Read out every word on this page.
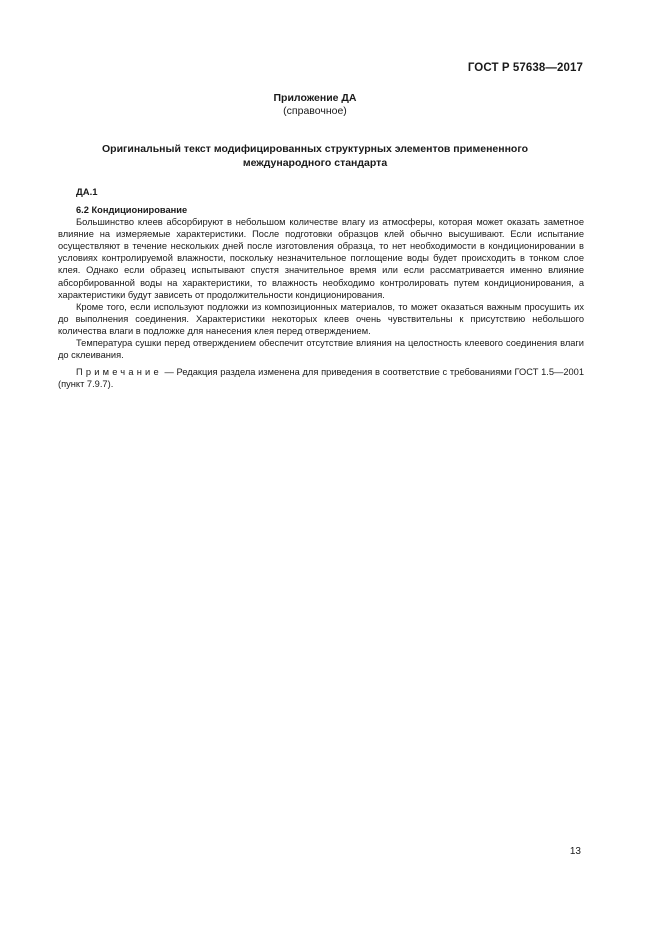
ГОСТ Р 57638—2017
Приложение ДА
(справочное)
Оригинальный текст модифицированных структурных элементов примененного
международного стандарта
ДА.1

6.2 Кондиционирование

Большинство клеев абсорбируют в небольшом количестве влагу из атмосферы, которая может оказать заметное влияние на измеряемые характеристики. После подготовки образцов клей обычно высушивают. Если испытание осуществляют в течение нескольких дней после изготовления образца, то нет необходимости в кондиционировании в условиях контролируемой влажности, поскольку незначительное поглощение воды будет происходить в тонком слое клея. Однако если образец испытывают спустя значительное время или если рассматривается именно влияние абсорбированной воды на характеристики, то влажность необходимо контролировать путем кондиционирования, а характеристики будут зависеть от продолжительности кондиционирования.

Кроме того, если используют подложки из композиционных материалов, то может оказаться важным просушить их до выполнения соединения. Характеристики некоторых клеев очень чувствительны к присутствию небольшого количества влаги в подложке для нанесения клея перед отверждением.

Температура сушки перед отверждением обеспечит отсутствие влияния на целостность клеевого соединения влаги до склеивания.

Примечание — Редакция раздела изменена для приведения в соответствие с требованиями ГОСТ 1.5—2001 (пункт 7.9.7).

13
